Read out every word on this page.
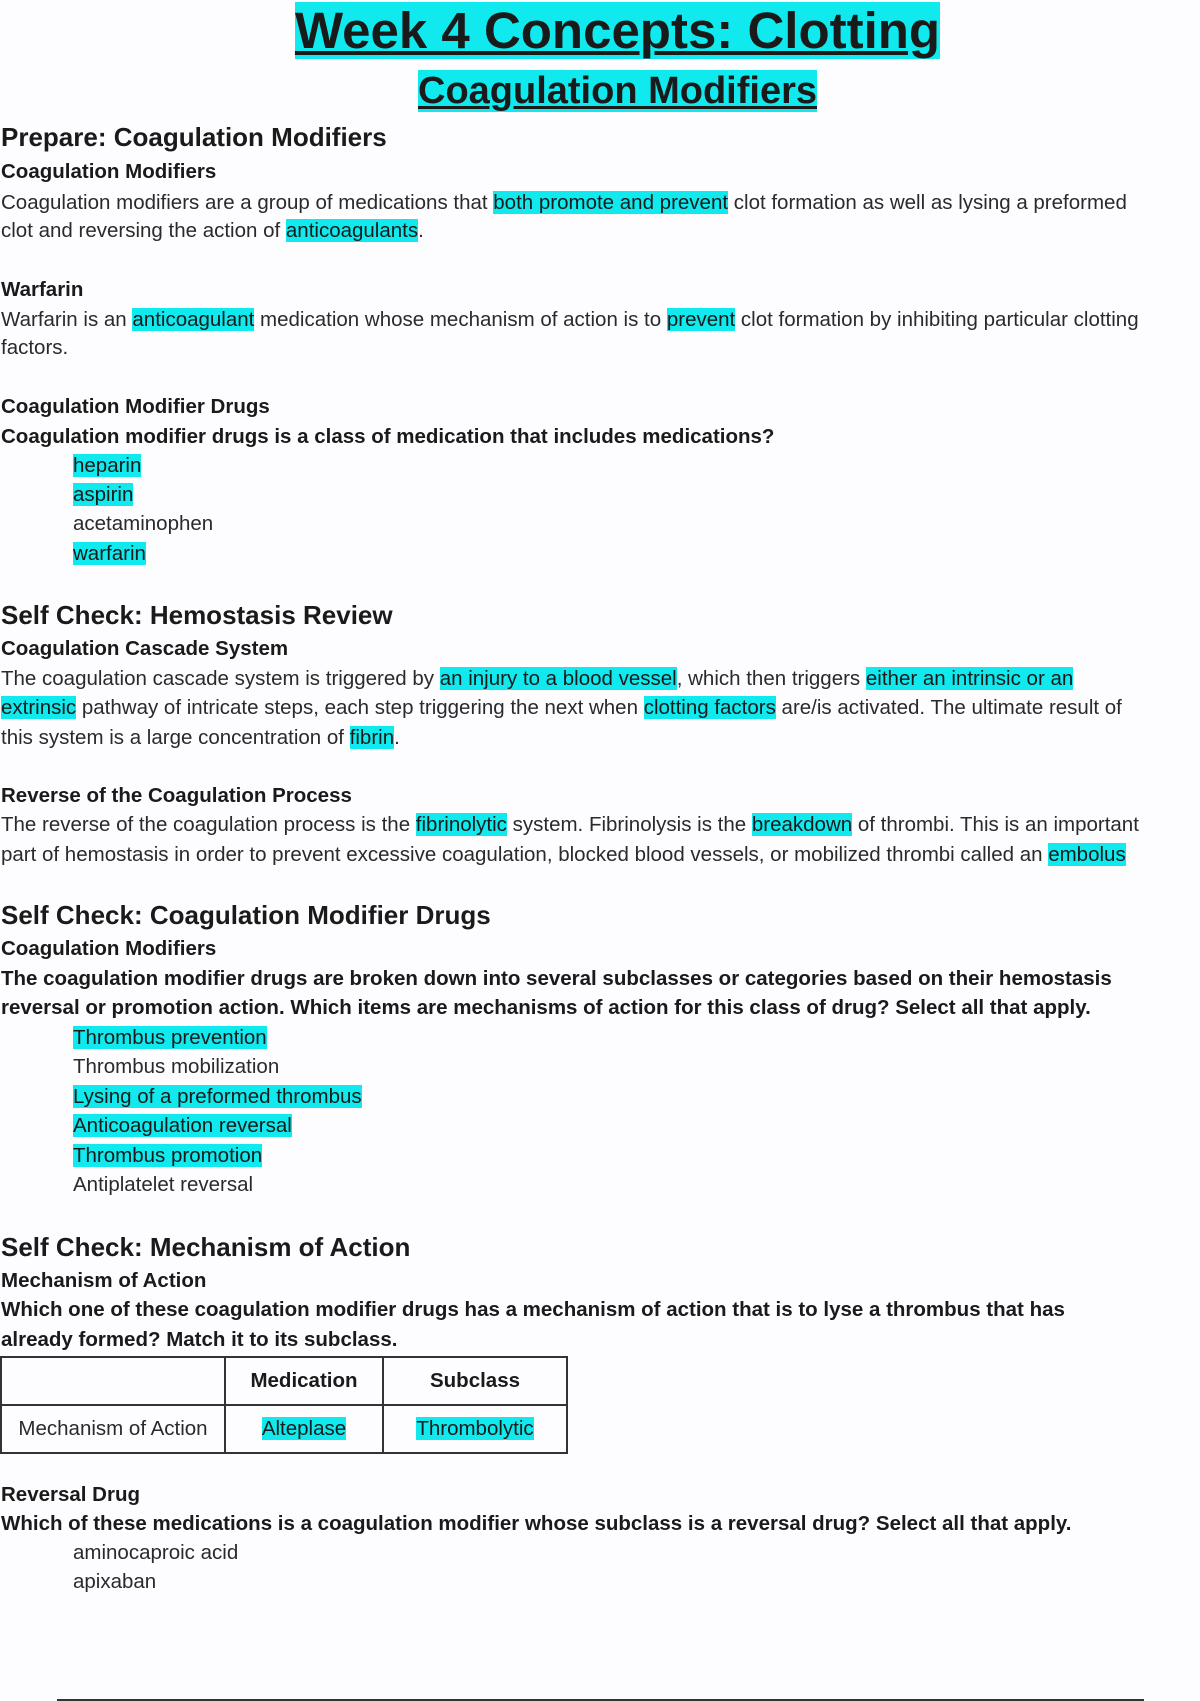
Week 4 Concepts: Clotting
Coagulation Modifiers
Prepare: Coagulation Modifiers
Coagulation Modifiers
Coagulation modifiers are a group of medications that both promote and prevent clot formation as well as lysing a preformed
clot and reversing the action of anticoagulants.
Warfarin
Warfarin is an anticoagulant medication whose mechanism of action is to prevent clot formation by inhibiting particular clotting
factors.
Coagulation Modifier Drugs
Coagulation modifier drugs is a class of medication that includes medications?
heparin
aspirin
acetaminophen
warfarin
Self Check: Hemostasis Review
Coagulation Cascade System
The coagulation cascade system is triggered by an injury to a blood vessel, which then triggers either an intrinsic or an
extrinsic pathway of intricate steps, each step triggering the next when clotting factors are/is activated. The ultimate result of
this system is a large concentration of fibrin.
Reverse of the Coagulation Process
The reverse of the coagulation process is the fibrinolytic system. Fibrinolysis is the breakdown of thrombi. This is an important
part of hemostasis in order to prevent excessive coagulation, blocked blood vessels, or mobilized thrombi called an embolus
Self Check: Coagulation Modifier Drugs
Coagulation Modifiers
The coagulation modifier drugs are broken down into several subclasses or categories based on their hemostasis
reversal or promotion action. Which items are mechanisms of action for this class of drug? Select all that apply.
Thrombus prevention
Thrombus mobilization
Lysing of a preformed thrombus
Anticoagulation reversal
Thrombus promotion
Antiplatelet reversal
Self Check: Mechanism of Action
Mechanism of Action
Which one of these coagulation modifier drugs has a mechanism of action that is to lyse a thrombus that has
already formed? Match it to its subclass.
	Medication	Subclass
Mechanism of Action	Alteplase	Thrombolytic
Reversal Drug
Which of these medications is a coagulation modifier whose subclass is a reversal drug? Select all that apply.
aminocaproic acid
apixaban
